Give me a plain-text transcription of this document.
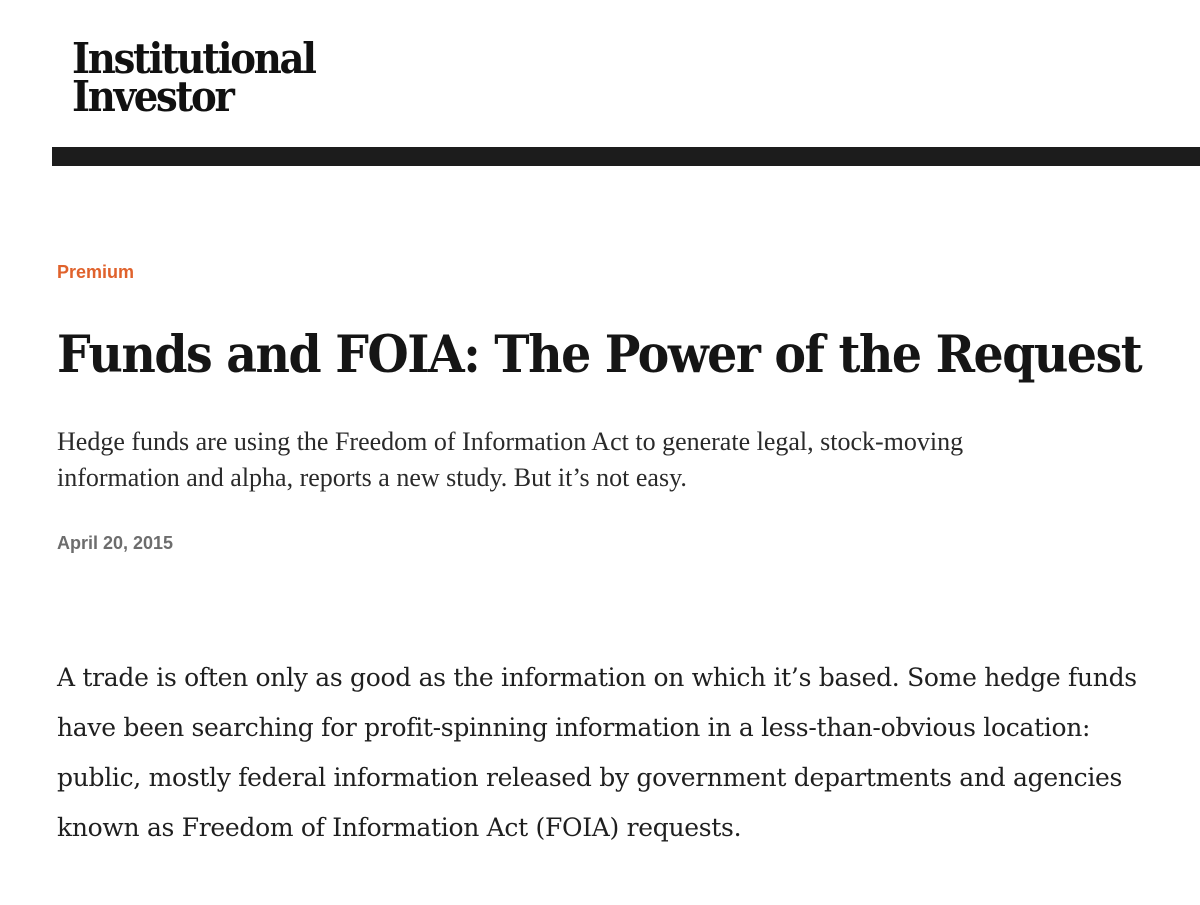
Institutional
Investor
Premium
Funds and FOIA: The Power of the Request

Hedge funds are using the Freedom of Information Act to generate legal, stock-moving information and alpha, reports a new study. But it’s not easy.

April 20, 2015

A trade is often only as good as the information on which it’s based. Some hedge funds have been searching for profit-spinning information in a less-than-obvious location: public, mostly federal information released by government departments and agencies known as Freedom of Information Act (FOIA) requests.
